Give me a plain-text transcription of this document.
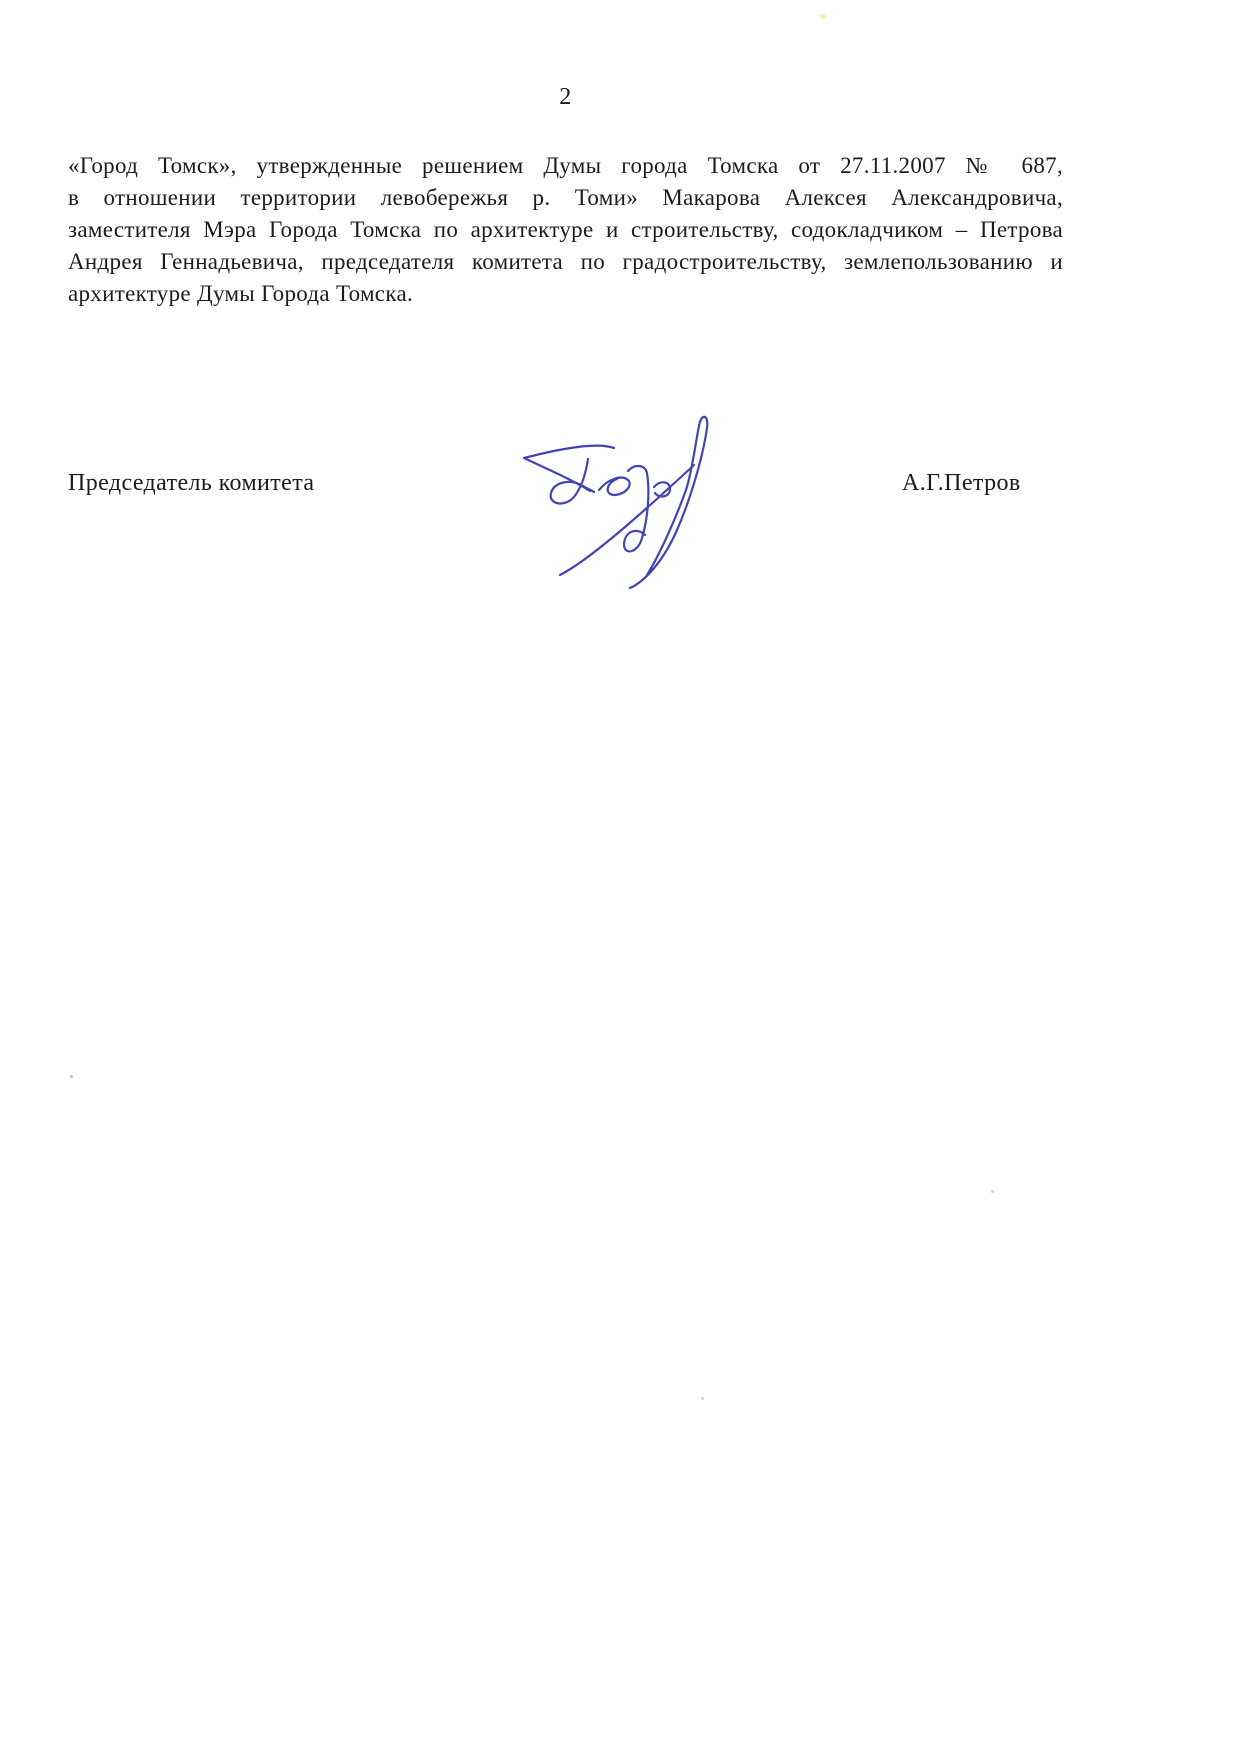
2
«Город Томск», утвержденные решением Думы города Томска от 27.11.2007 № 687,
в отношении территории левобережья р. Томи» Макарова Алексея Александровича,
заместителя Мэра Города Томска по архитектуре и строительству, содокладчиком – Петрова
Андрея Геннадьевича, председателя комитета по градостроительству, землепользованию и
архитектуре Думы Города Томска.
Председатель комитета	А.Г.Петров
